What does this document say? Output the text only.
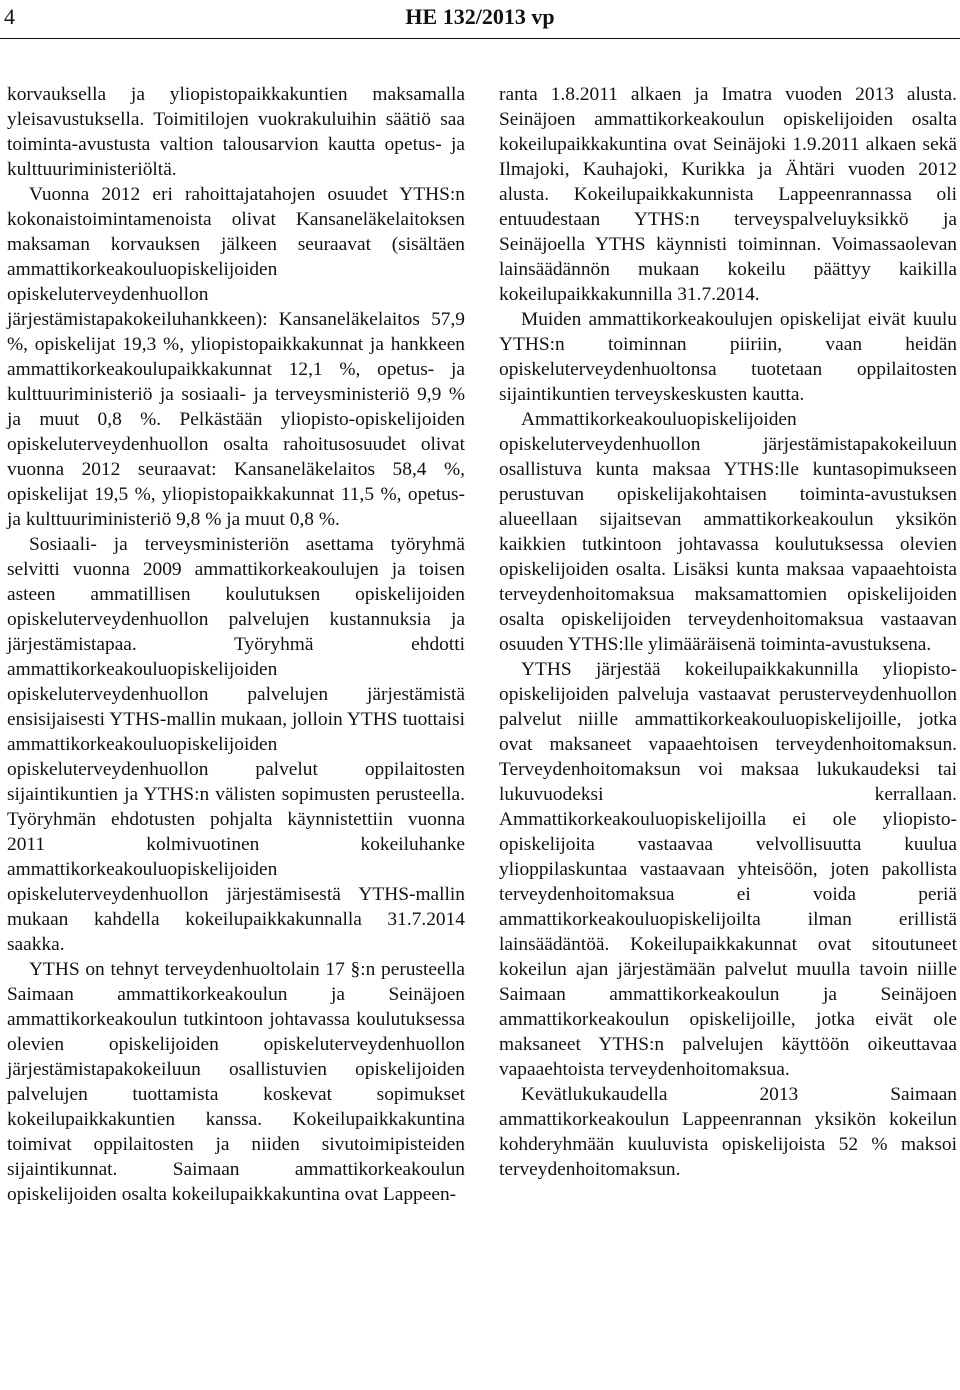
4	HE 132/2013 vp

korvauksella ja yliopistopaikkakuntien maksamalla yleisavustuksella. Toimitilojen vuokrakuluihin säätiö saa toiminta-avustusta valtion talousarvion kautta opetus- ja kulttuuriministeriöltä.

Vuonna 2012 eri rahoittajatahojen osuudet YTHS:n kokonaistoimintamenoista olivat Kansaneläkelaitoksen maksaman korvauksen jälkeen seuraavat (sisältäen ammattikorkeakouluopiskelijoiden opiskeluterveydenhuollon järjestämistapakokeiluhankkeen): Kansaneläkelaitos 57,9 %, opiskelijat 19,3 %, yliopistopaikkakunnat ja hankkeen ammattikorkeakoulupaikkakunnat 12,1 %, opetus- ja kulttuuriministeriö ja sosiaali- ja terveysministeriö 9,9 % ja muut 0,8 %. Pelkästään yliopisto-opiskelijoiden opiskeluterveydenhuollon osalta rahoitusosuudet olivat vuonna 2012 seuraavat: Kansaneläkelaitos 58,4 %, opiskelijat 19,5 %, yliopistopaikkakunnat 11,5 %, opetus- ja kulttuuriministeriö 9,8 % ja muut 0,8 %.

Sosiaali- ja terveysministeriön asettama työryhmä selvitti vuonna 2009 ammattikorkeakoulujen ja toisen asteen ammatillisen koulutuksen opiskelijoiden opiskeluterveydenhuollon palvelujen kustannuksia ja järjestämistapaa. Työryhmä ehdotti ammattikorkeakouluopiskelijoiden opiskeluterveydenhuollon palvelujen järjestämistä ensisijaisesti YTHS-mallin mukaan, jolloin YTHS tuottaisi ammattikorkeakouluopiskelijoiden opiskeluterveydenhuollon palvelut oppilaitosten sijaintikuntien ja YTHS:n välisten sopimusten perusteella. Työryhmän ehdotusten pohjalta käynnistettiin vuonna 2011 kolmivuotinen kokeiluhanke ammattikorkeakouluopiskelijoiden opiskeluterveydenhuollon järjestämisestä YTHS-mallin mukaan kahdella kokeilupaikkakunnalla 31.7.2014 saakka.

YTHS on tehnyt terveydenhuoltolain 17 §:n perusteella Saimaan ammattikorkeakoulun ja Seinäjoen ammattikorkeakoulun tutkintoon johtavassa koulutuksessa olevien opiskelijoiden opiskeluterveydenhuollon järjestämistapakokeiluun osallistuvien opiskelijoiden palvelujen tuottamista koskevat sopimukset kokeilupaikkakuntien kanssa. Kokeilupaikkakuntina toimivat oppilaitosten ja niiden sivutoimipisteiden sijaintikunnat. Saimaan ammattikorkeakoulun opiskelijoiden osalta kokeilupaikkakuntina ovat Lappeen-

ranta 1.8.2011 alkaen ja Imatra vuoden 2013 alusta. Seinäjoen ammattikorkeakoulun opiskelijoiden osalta kokeilupaikkakuntina ovat Seinäjoki 1.9.2011 alkaen sekä Ilmajoki, Kauhajoki, Kurikka ja Ähtäri vuoden 2012 alusta. Kokeilupaikkakunnista Lappeenrannassa oli entuudestaan YTHS:n terveyspalveluyksikkö ja Seinäjoella YTHS käynnisti toiminnan. Voimassaolevan lainsäädännön mukaan kokeilu päättyy kaikilla kokeilupaikkakunnilla 31.7.2014.

Muiden ammattikorkeakoulujen opiskelijat eivät kuulu YTHS:n toiminnan piiriin, vaan heidän opiskeluterveydenhuoltonsa tuotetaan oppilaitosten sijaintikuntien terveyskeskusten kautta.

Ammattikorkeakouluopiskelijoiden opiskeluterveydenhuollon järjestämistapakokeiluun osallistuva kunta maksaa YTHS:lle kuntasopimukseen perustuvan opiskelijakohtaisen toiminta-avustuksen alueellaan sijaitsevan ammattikorkeakoulun yksikön kaikkien tutkintoon johtavassa koulutuksessa olevien opiskelijoiden osalta. Lisäksi kunta maksaa vapaaehtoista terveydenhoitomaksua maksamattomien opiskelijoiden osalta opiskelijoiden terveydenhoitomaksua vastaavan osuuden YTHS:lle ylimääräisenä toiminta-avustuksena.

YTHS järjestää kokeilupaikkakunnilla yliopisto-opiskelijoiden palveluja vastaavat perusterveydenhuollon palvelut niille ammattikorkeakouluopiskelijoille, jotka ovat maksaneet vapaaehtoisen terveydenhoitomaksun. Terveydenhoitomaksun voi maksaa lukukaudeksi tai lukuvuodeksi kerrallaan. Ammattikorkeakouluopiskelijoilla ei ole yliopisto-opiskelijoita vastaavaa velvollisuutta kuulua ylioppilaskuntaa vastaavaan yhteisöön, joten pakollista terveydenhoitomaksua ei voida periä ammattikorkeakouluopiskelijoilta ilman erillistä lainsäädäntöä. Kokeilupaikkakunnat ovat sitoutuneet kokeilun ajan järjestämään palvelut muulla tavoin niille Saimaan ammattikorkeakoulun ja Seinäjoen ammattikorkeakoulun opiskelijoille, jotka eivät ole maksaneet YTHS:n palvelujen käyttöön oikeuttavaa vapaaehtoista terveydenhoitomaksua.

Kevätlukukaudella 2013 Saimaan ammattikorkeakoulun Lappeenrannan yksikön kokeilun kohderyhmään kuuluvista opiskelijoista 52 % maksoi terveydenhoitomaksun.
